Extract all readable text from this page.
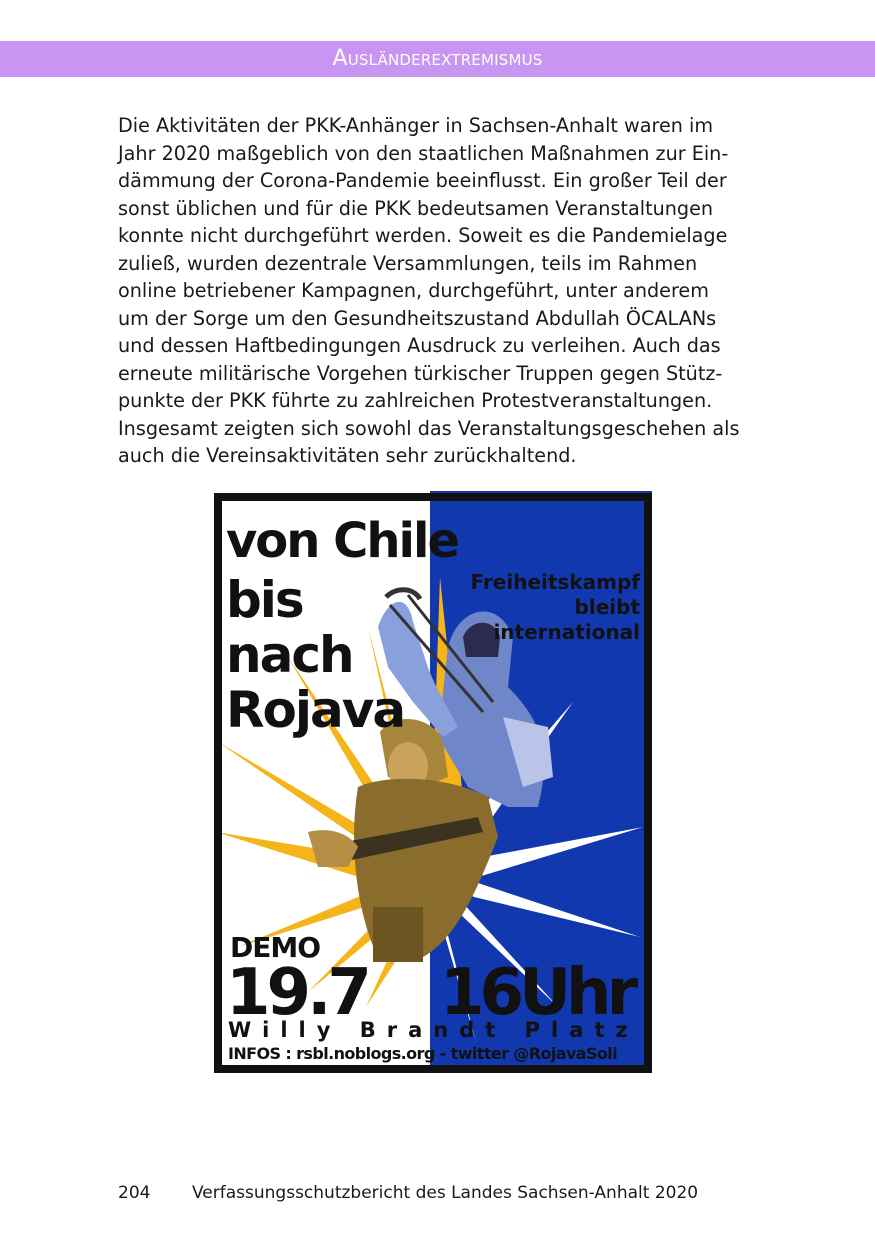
Ausländerextremismus
Die Aktivitäten der PKK-Anhänger in Sachsen-Anhalt waren im
Jahr 2020 maßgeblich von den staatlichen Maßnahmen zur Ein-
dämmung der Corona-Pandemie beeinflusst. Ein großer Teil der
sonst üblichen und für die PKK bedeutsamen Veranstaltungen
konnte nicht durchgeführt werden. Soweit es die Pandemielage
zuließ, wurden dezentrale Versammlungen, teils im Rahmen
online betriebener Kampagnen, durchgeführt, unter anderem
um der Sorge um den Gesundheitszustand Abdullah ÖCALANs
und dessen Haftbedingungen Ausdruck zu verleihen. Auch das
erneute militärische Vorgehen türkischer Truppen gegen Stütz-
punkte der PKK führte zu zahlreichen Protestveranstaltungen.
Insgesamt zeigten sich sowohl das Veranstaltungsgeschehen als
auch die Vereinsaktivitäten sehr zurückhaltend.
von Chile
bis
nach
Rojava
Freiheitskampf
bleibt
international
DEMO
19.7 16Uhr
Willy Brandt Platz
INFOS : rsbl.noblogs.org - twitter @RojavaSoli
204 Verfassungsschutzbericht des Landes Sachsen-Anhalt 2020
